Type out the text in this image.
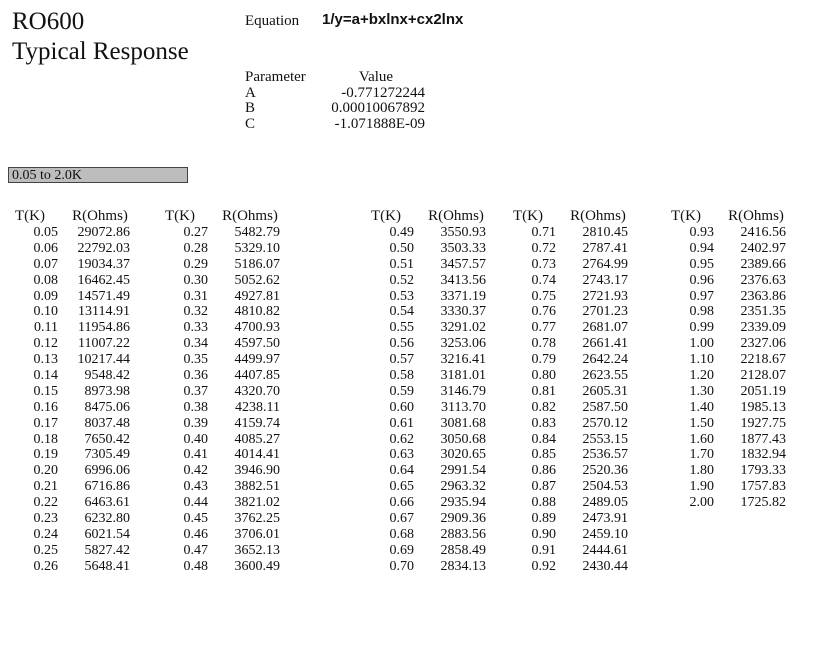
RO600
Typical Response
Equation 1/y=a+bxlnx+cx2lnx
Parameter	Value
A	-0.771272244
B	0.00010067892
C	-1.071888E-09
0.05 to 2.0K
T(K)	R(Ohms)
0.05	29072.86
0.06	22792.03
0.07	19034.37
0.08	16462.45
0.09	14571.49
0.10	13114.91
0.11	11954.86
0.12	11007.22
0.13	10217.44
0.14	9548.42
0.15	8973.98
0.16	8475.06
0.17	8037.48
0.18	7650.42
0.19	7305.49
0.20	6996.06
0.21	6716.86
0.22	6463.61
0.23	6232.80
0.24	6021.54
0.25	5827.42
0.26	5648.41
T(K)	R(Ohms)
0.27	5482.79
0.28	5329.10
0.29	5186.07
0.30	5052.62
0.31	4927.81
0.32	4810.82
0.33	4700.93
0.34	4597.50
0.35	4499.97
0.36	4407.85
0.37	4320.70
0.38	4238.11
0.39	4159.74
0.40	4085.27
0.41	4014.41
0.42	3946.90
0.43	3882.51
0.44	3821.02
0.45	3762.25
0.46	3706.01
0.47	3652.13
0.48	3600.49
T(K)	R(Ohms)
0.49	3550.93
0.50	3503.33
0.51	3457.57
0.52	3413.56
0.53	3371.19
0.54	3330.37
0.55	3291.02
0.56	3253.06
0.57	3216.41
0.58	3181.01
0.59	3146.79
0.60	3113.70
0.61	3081.68
0.62	3050.68
0.63	3020.65
0.64	2991.54
0.65	2963.32
0.66	2935.94
0.67	2909.36
0.68	2883.56
0.69	2858.49
0.70	2834.13
T(K)	R(Ohms)
0.71	2810.45
0.72	2787.41
0.73	2764.99
0.74	2743.17
0.75	2721.93
0.76	2701.23
0.77	2681.07
0.78	2661.41
0.79	2642.24
0.80	2623.55
0.81	2605.31
0.82	2587.50
0.83	2570.12
0.84	2553.15
0.85	2536.57
0.86	2520.36
0.87	2504.53
0.88	2489.05
0.89	2473.91
0.90	2459.10
0.91	2444.61
0.92	2430.44
T(K)	R(Ohms)
0.93	2416.56
0.94	2402.97
0.95	2389.66
0.96	2376.63
0.97	2363.86
0.98	2351.35
0.99	2339.09
1.00	2327.06
1.10	2218.67
1.20	2128.07
1.30	2051.19
1.40	1985.13
1.50	1927.75
1.60	1877.43
1.70	1832.94
1.80	1793.33
1.90	1757.83
2.00	1725.82
